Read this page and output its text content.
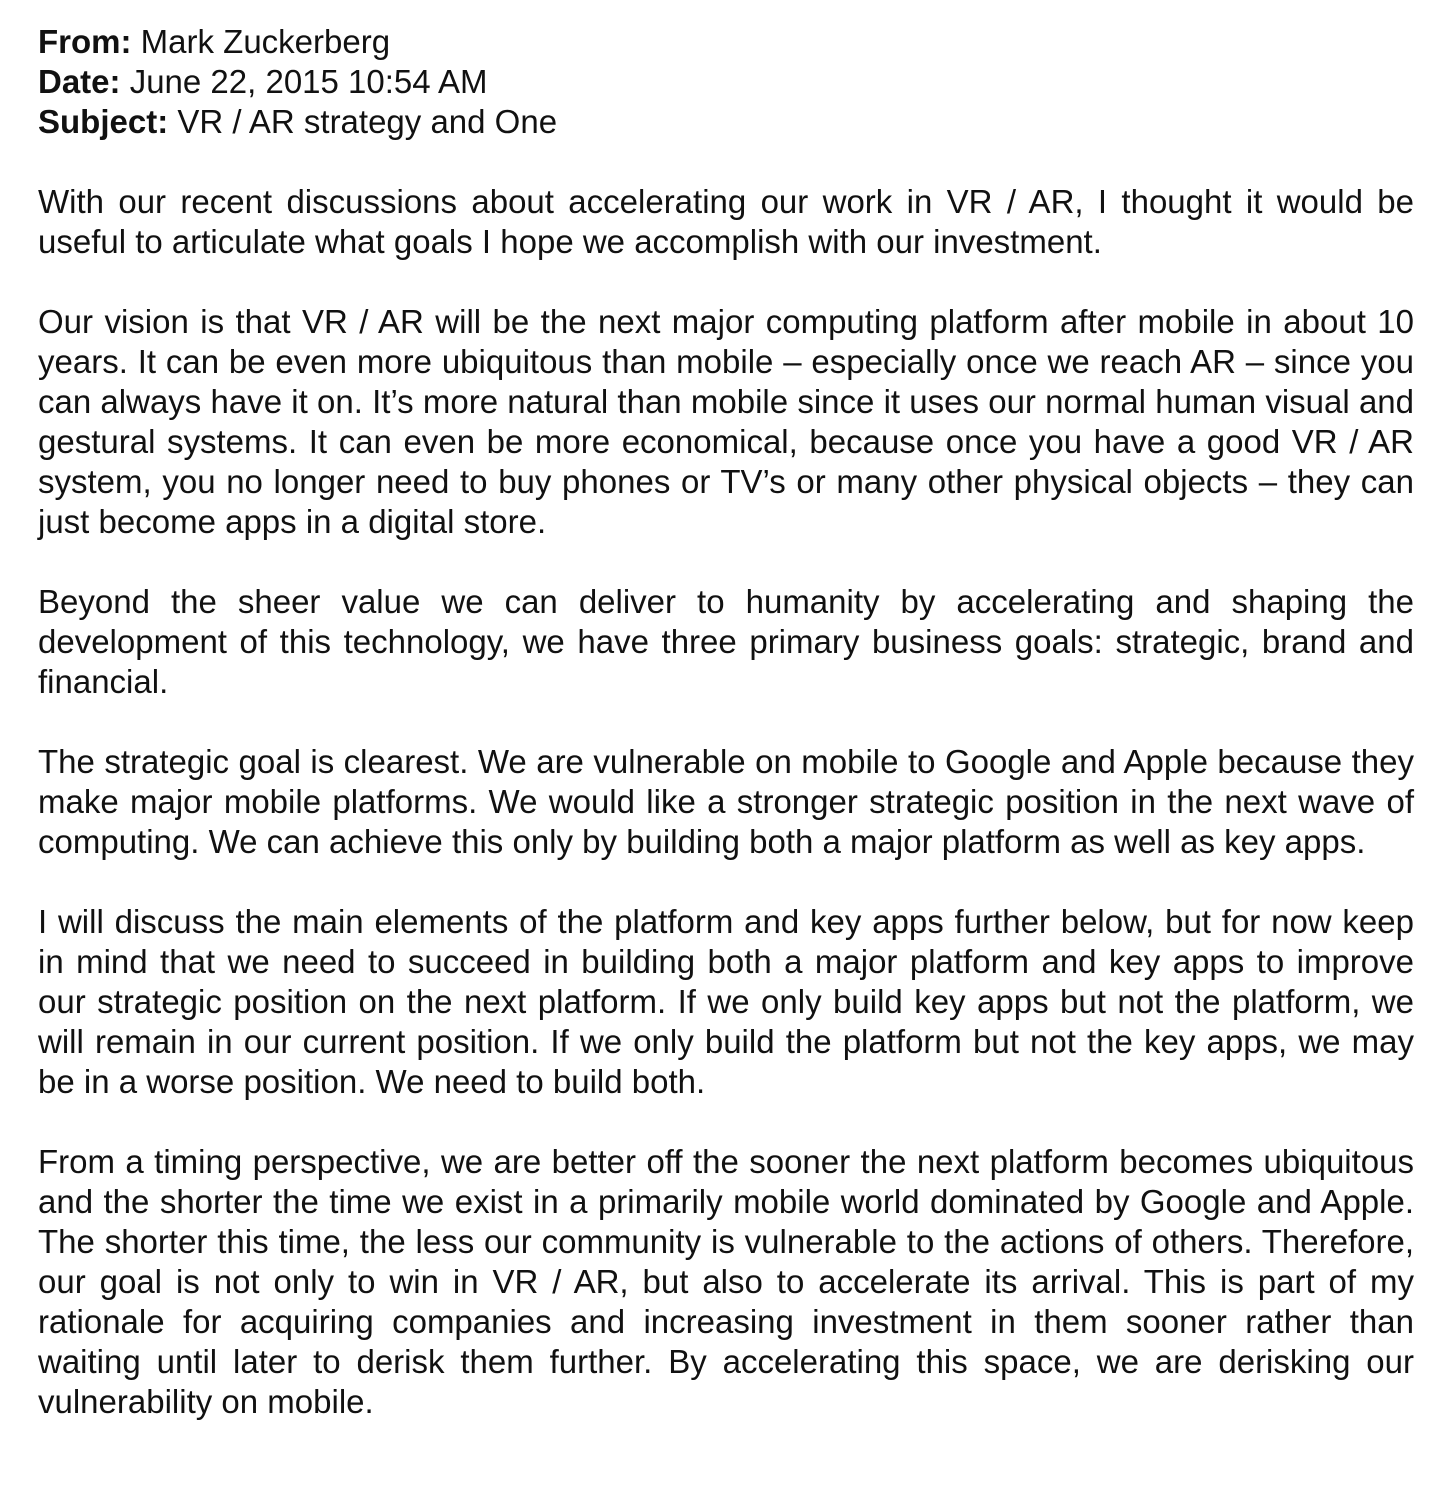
From: Mark Zuckerberg
Date: June 22, 2015 10:54 AM
Subject: VR / AR strategy and One

With our recent discussions about accelerating our work in VR / AR, I thought it would be useful to articulate what goals I hope we accomplish with our investment.

Our vision is that VR / AR will be the next major computing platform after mobile in about 10 years. It can be even more ubiquitous than mobile – especially once we reach AR – since you can always have it on. It’s more natural than mobile since it uses our normal human visual and gestural systems. It can even be more economical, because once you have a good VR / AR system, you no longer need to buy phones or TV’s or many other physical objects – they can just become apps in a digital store.

Beyond the sheer value we can deliver to humanity by accelerating and shaping the development of this technology, we have three primary business goals: strategic, brand and financial.

The strategic goal is clearest. We are vulnerable on mobile to Google and Apple because they make major mobile platforms. We would like a stronger strategic position in the next wave of computing. We can achieve this only by building both a major platform as well as key apps.

I will discuss the main elements of the platform and key apps further below, but for now keep in mind that we need to succeed in building both a major platform and key apps to improve our strategic position on the next platform. If we only build key apps but not the platform, we will remain in our current position. If we only build the platform but not the key apps, we may be in a worse position. We need to build both.

From a timing perspective, we are better off the sooner the next platform becomes ubiquitous and the shorter the time we exist in a primarily mobile world dominated by Google and Apple. The shorter this time, the less our community is vulnerable to the actions of others. Therefore, our goal is not only to win in VR / AR, but also to accelerate its arrival. This is part of my rationale for acquiring companies and increasing investment in them sooner rather than waiting until later to derisk them further. By accelerating this space, we are derisking our vulnerability on mobile.
